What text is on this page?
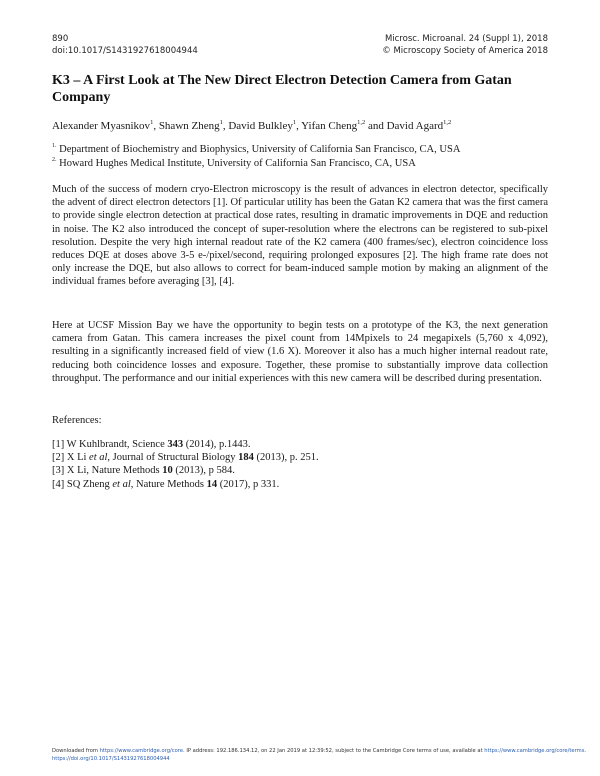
890
doi:10.1017/S1431927618004944
Microsc. Microanal. 24 (Suppl 1), 2018
© Microscopy Society of America 2018
K3 – A First Look at The New Direct Electron Detection Camera from Gatan Company
Alexander Myasnikov$^1$, Shawn Zheng$^1$, David Bulkley$^1$, Yifan Cheng$^{1,2}$ and David Agard$^{1,2}$
$^{1.}$ Department of Biochemistry and Biophysics, University of California San Francisco, CA, USA
$^{2.}$ Howard Hughes Medical Institute, University of California San Francisco, CA, USA

Much of the success of modern cryo-Electron microscopy is the result of advances in electron detector, specifically the advent of direct electron detectors [1]. Of particular utility has been the Gatan K2 camera that was the first camera to provide single electron detection at practical dose rates, resulting in dramatic improvements in DQE and reduction in noise. The K2 also introduced the concept of super-resolution where the electrons can be registered to sub-pixel resolution. Despite the very high internal readout rate of the K2 camera (400 frames/sec), electron coincidence loss reduces DQE at doses above 3-5 e-/pixel/second, requiring prolonged exposures [2]. The high frame rate does not only increase the DQE, but also allows to correct for beam-induced sample motion by making an alignment of the individual frames before averaging [3], [4].

Here at UCSF Mission Bay we have the opportunity to begin tests on a prototype of the K3, the next generation camera from Gatan. This camera increases the pixel count from 14Mpixels to 24 megapixels (5,760 x 4,092), resulting in a significantly increased field of view (1.6 X). Moreover it also has a much higher internal readout rate, reducing both coincidence losses and exposure. Together, these promise to substantially improve data collection throughput. The performance and our initial experiences with this new camera will be described during presentation.

References:
[1] W Kuhlbrandt, Science 343 (2014), p.1443.
[2] X Li et al, Journal of Structural Biology 184 (2013), p. 251.
[3] X Li, Nature Methods 10 (2013), p 584.
[4] SQ Zheng et al, Nature Methods 14 (2017), p 331.
Downloaded from https://www.cambridge.org/core. IP address: 192.186.134.12, on 22 Jan 2019 at 12:39:52, subject to the Cambridge Core terms of use, available at https://www.cambridge.org/core/terms.
https://doi.org/10.1017/S1431927618004944
